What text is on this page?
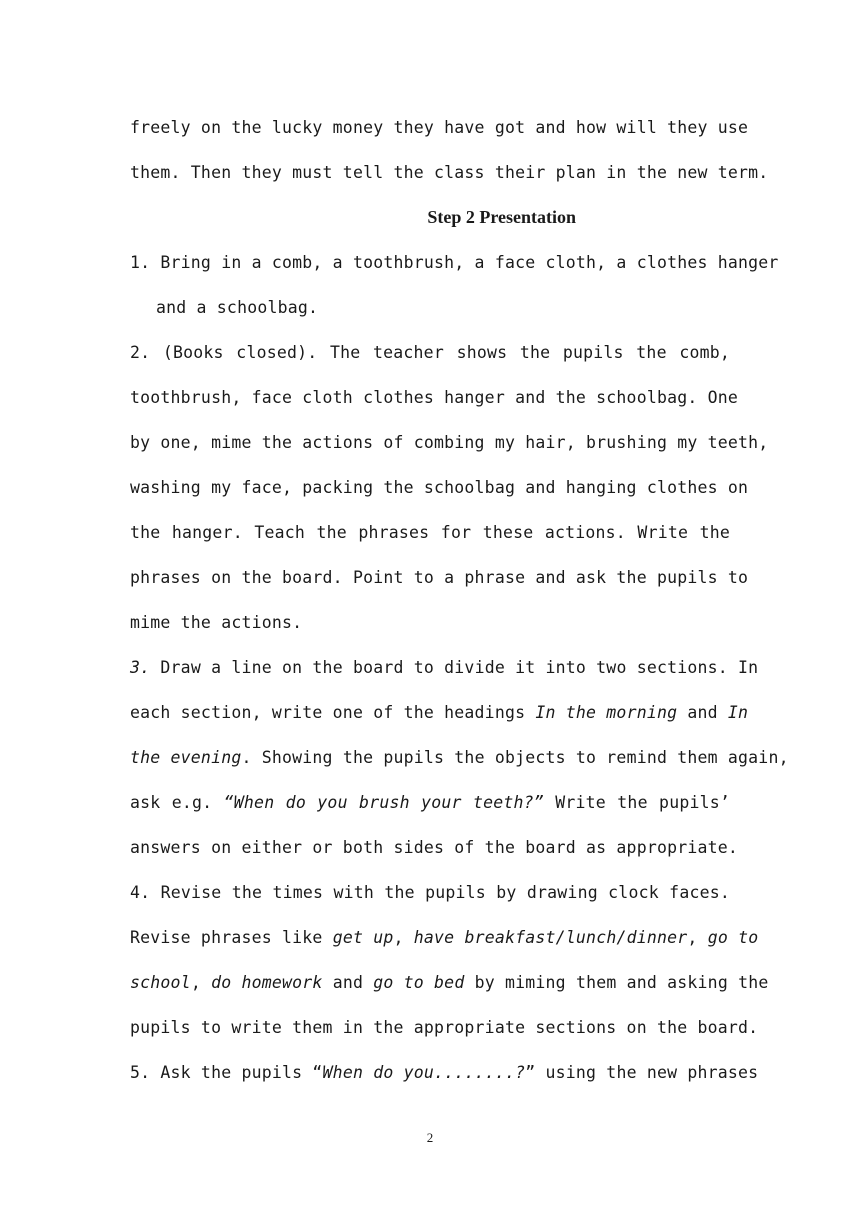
freely on the lucky money they have got and how will they use
them. Then they must tell the class their plan in the new term.
Step 2 Presentation
1. Bring in a comb, a toothbrush, a face cloth, a clothes hanger
and a schoolbag.
2. (Books closed). The teacher shows the pupils the comb,
toothbrush, face cloth clothes hanger and the schoolbag. One
by one, mime the actions of combing my hair, brushing my teeth,
washing my face, packing the schoolbag and hanging clothes on
the hanger. Teach the phrases for these actions. Write the
phrases on the board. Point to a phrase and ask the pupils to
mime the actions.
3. Draw a line on the board to divide it into two sections. In
each section, write one of the headings In the morning and In
the evening. Showing the pupils the objects to remind them again,
ask e.g. “When do you brush your teeth?” Write the pupils’
answers on either or both sides of the board as appropriate.
4. Revise the times with the pupils by drawing clock faces.
Revise phrases like get up, have breakfast/lunch/dinner, go to
school, do homework and go to bed by miming them and asking the
pupils to write them in the appropriate sections on the board.
5. Ask the pupils “When do you........?” using the new phrases
2
